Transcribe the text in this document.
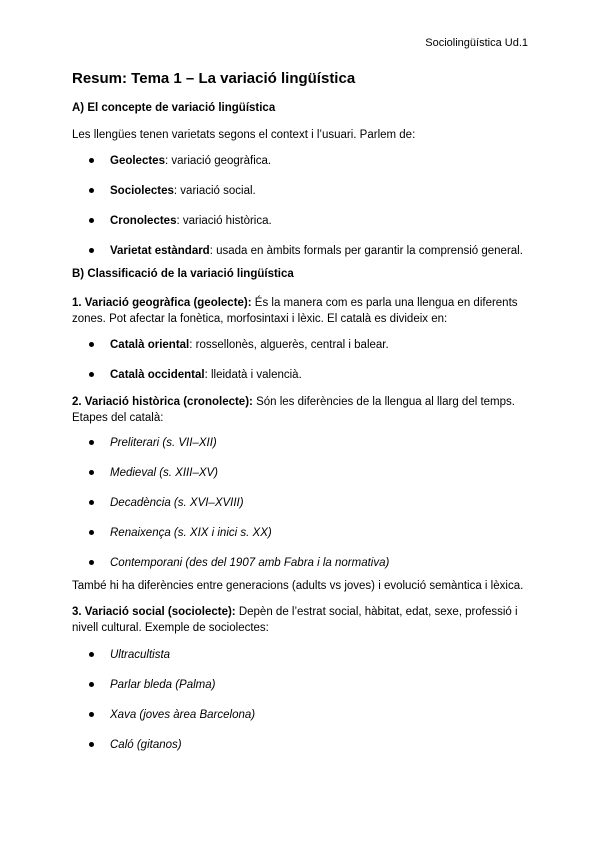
Sociolingüística Ud.1
Resum: Tema 1 – La variació lingüística
A) El concepte de variació lingüística
Les llengües tenen varietats segons el context i l’usuari. Parlem de:
Geolectes: variació geogràfica.
Sociolectes: variació social.
Cronolectes: variació històrica.
Varietat estàndard: usada en àmbits formals per garantir la comprensió general.
B) Classificació de la variació lingüística
1. Variació geogràfica (geolecte): És la manera com es parla una llengua en diferents
zones. Pot afectar la fonètica, morfosintaxi i lèxic. El català es divideix en:
Català oriental: rossellonès, alguerès, central i balear.
Català occidental: lleidatà i valencià.
2. Variació històrica (cronolecte): Són les diferències de la llengua al llarg del temps.
Etapes del català:
Preliterari (s. VII–XII)
Medieval (s. XIII–XV)
Decadència (s. XVI–XVIII)
Renaixença (s. XIX i inici s. XX)
Contemporani (des del 1907 amb Fabra i la normativa)
També hi ha diferències entre generacions (adults vs joves) i evolució semàntica i lèxica.
3. Variació social (sociolecte): Depèn de l’estrat social, hàbitat, edat, sexe, professió i
nivell cultural. Exemple de sociolectes:
Ultracultista
Parlar bleda (Palma)
Xava (joves àrea Barcelona)
Caló (gitanos)
